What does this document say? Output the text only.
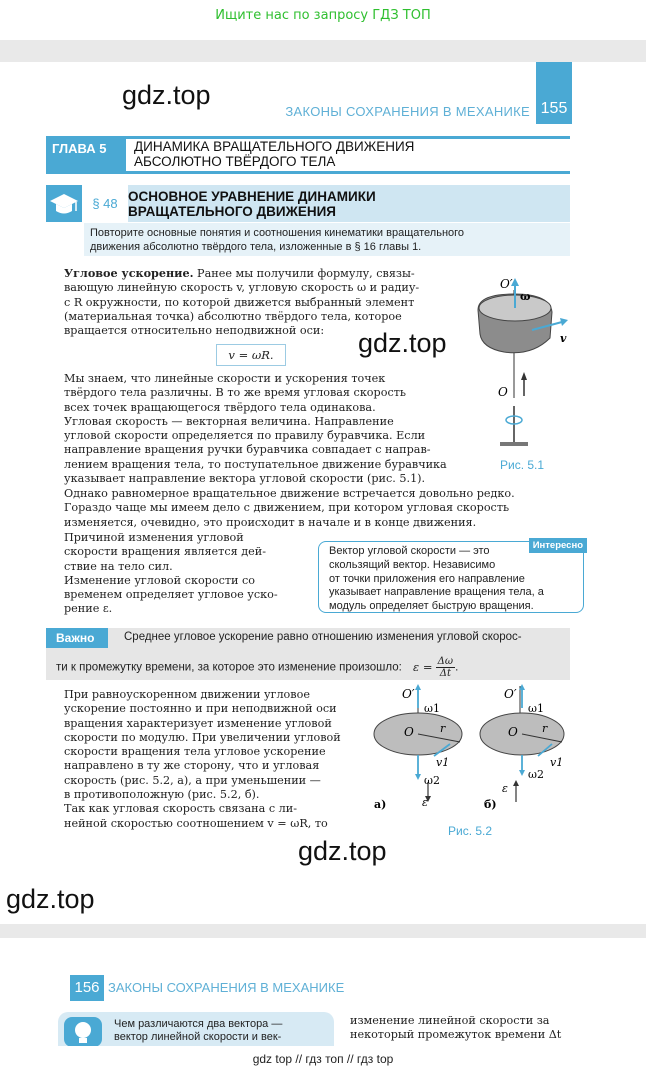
Ищите нас по запросу ГДЗ ТОП
155
ЗАКОНЫ СОХРАНЕНИЯ В МЕХАНИКЕ
gdz.top
gdz.top
gdz.top
gdz.top
ГЛАВА 5 ДИНАМИКА ВРАЩАТЕЛЬНОГО ДВИЖЕНИЯ
АБСОЛЮТНО ТВЁРДОГО ТЕЛА
§ 48 ОСНОВНОЕ УРАВНЕНИЕ ДИНАМИКИ
ВРАЩАТЕЛЬНОГО ДВИЖЕНИЯ
Повторите основные понятия и соотношения кинематики вращательного
движения абсолютно твёрдого тела, изложенные в § 16 главы 1.
Угловое ускорение. Ранее мы получили формулу, связы-
вающую линейную скорость v, угловую скорость ω и радиу-
с R окружности, по которой движется выбранный элемент
(материальная точка) абсолютно твёрдого тела, которое
вращается относительно неподвижной оси:
v = ωR.
Мы знаем, что линейные скорости и ускорения точек
твёрдого тела различны. В то же время угловая скорость
всех точек вращающегося твёрдого тела одинакова.
Угловая скорость — векторная величина. Направление
угловой скорости определяется по правилу буравчика. Если
направление вращения ручки буравчика совпадает с направ-
лением вращения тела, то поступательное движение буравчика
указывает направление вектора угловой скорости (рис. 5.1).
Однако равномерное вращательное движение встречается довольно редко.
Гораздо чаще мы имеем дело с движением, при котором угловая скорость
изменяется, очевидно, это происходит в начале и в конце движения.
Причиной изменения угловой
скорости вращения является дей-
ствие на тело сил.
Изменение угловой скорости со
временем определяет угловое уско-
рение ε.
Интересно
Вектор угловой скорости — это
скользящий вектор. Независимо
от точки приложения его направление
указывает направление вращения тела, а
модуль определяет быструю вращения.
Важно	Среднее угловое ускорение равно отношению изменения угловой скорос-
ти к промежутку времени, за которое это изменение произошло: $\varepsilon = \frac{\Delta\omega}{\Delta t}$ .
При равноускоренном движении угловое
ускорение постоянно и при неподвижной оси
вращения характеризует изменение угловой
скорости по модулю. При увеличении угловой
скорости вращения тела угловое ускорение
направлено в ту же сторону, что и угловая
скорость (рис. 5.2, а), а при уменьшении —
в противоположную (рис. 5.2, б).
Так как угловая скорость связана с ли-
нейной скоростью соотношением v = ωR, то
O′
ω
v
O
Рис. 5.1
O′
ω1
O r
v1
ω2
а)	ε
O′
ω1
O r
v1
ω2
б)
ε
Рис. 5.2
156 ЗАКОНЫ СОХРАНЕНИЯ В МЕХАНИКЕ
Чем различаются два вектора —
вектор линейной скорости и век-
изменение линейной скорости за
некоторый промежуток времени Δt
gdz top // гдз топ // гдз top
